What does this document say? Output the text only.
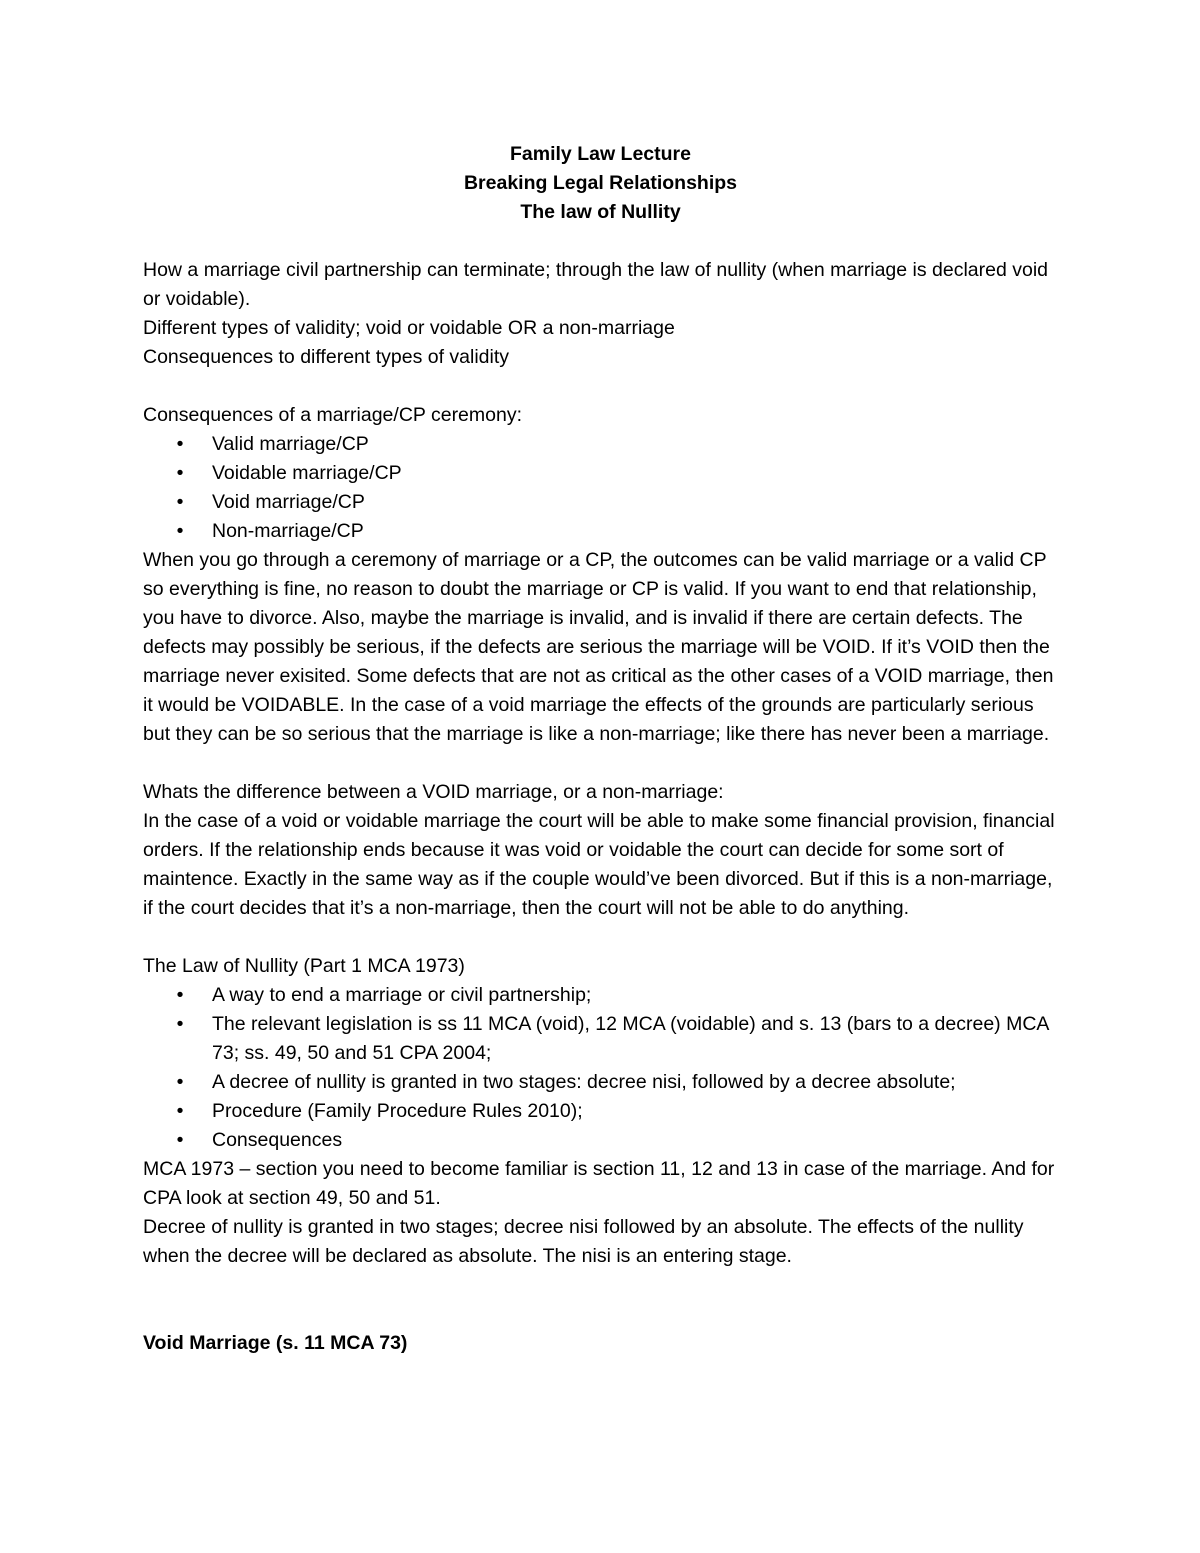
Family Law Lecture
Breaking Legal Relationships
The law of Nullity

How a marriage civil partnership can terminate; through the law of nullity (when marriage is declared void or voidable).

Different types of validity; void or voidable OR a non-marriage

Consequences to different types of validity

Consequences of a marriage/CP ceremony:

• Valid marriage/CP
• Voidable marriage/CP
• Void marriage/CP
• Non-marriage/CP

When you go through a ceremony of marriage or a CP, the outcomes can be valid marriage or a valid CP so everything is fine, no reason to doubt the marriage or CP is valid. If you want to end that relationship, you have to divorce. Also, maybe the marriage is invalid, and is invalid if there are certain defects. The defects may possibly be serious, if the defects are serious the marriage will be VOID. If it’s VOID then the marriage never exisited. Some defects that are not as critical as the other cases of a VOID marriage, then it would be VOIDABLE. In the case of a void marriage the effects of the grounds are particularly serious but they can be so serious that the marriage is like a non-marriage; like there has never been a marriage.

Whats the difference between a VOID marriage, or a non-marriage:

In the case of a void or voidable marriage the court will be able to make some financial provision, financial orders. If the relationship ends because it was void or voidable the court can decide for some sort of maintence. Exactly in the same way as if the couple would’ve been divorced. But if this is a non-marriage, if the court decides that it’s a non-marriage, then the court will not be able to do anything.

The Law of Nullity (Part 1 MCA 1973)

• A way to end a marriage or civil partnership;
• The relevant legislation is ss 11 MCA (void), 12 MCA (voidable) and s. 13 (bars to a decree) MCA 73; ss. 49, 50 and 51 CPA 2004;
• A decree of nullity is granted in two stages: decree nisi, followed by a decree absolute;
• Procedure (Family Procedure Rules 2010);
• Consequences

MCA 1973 – section you need to become familiar is section 11, 12 and 13 in case of the marriage. And for CPA look at section 49, 50 and 51.

Decree of nullity is granted in two stages; decree nisi followed by an absolute. The effects of the nullity when the decree will be declared as absolute. The nisi is an entering stage.

Void Marriage (s. 11 MCA 73)
